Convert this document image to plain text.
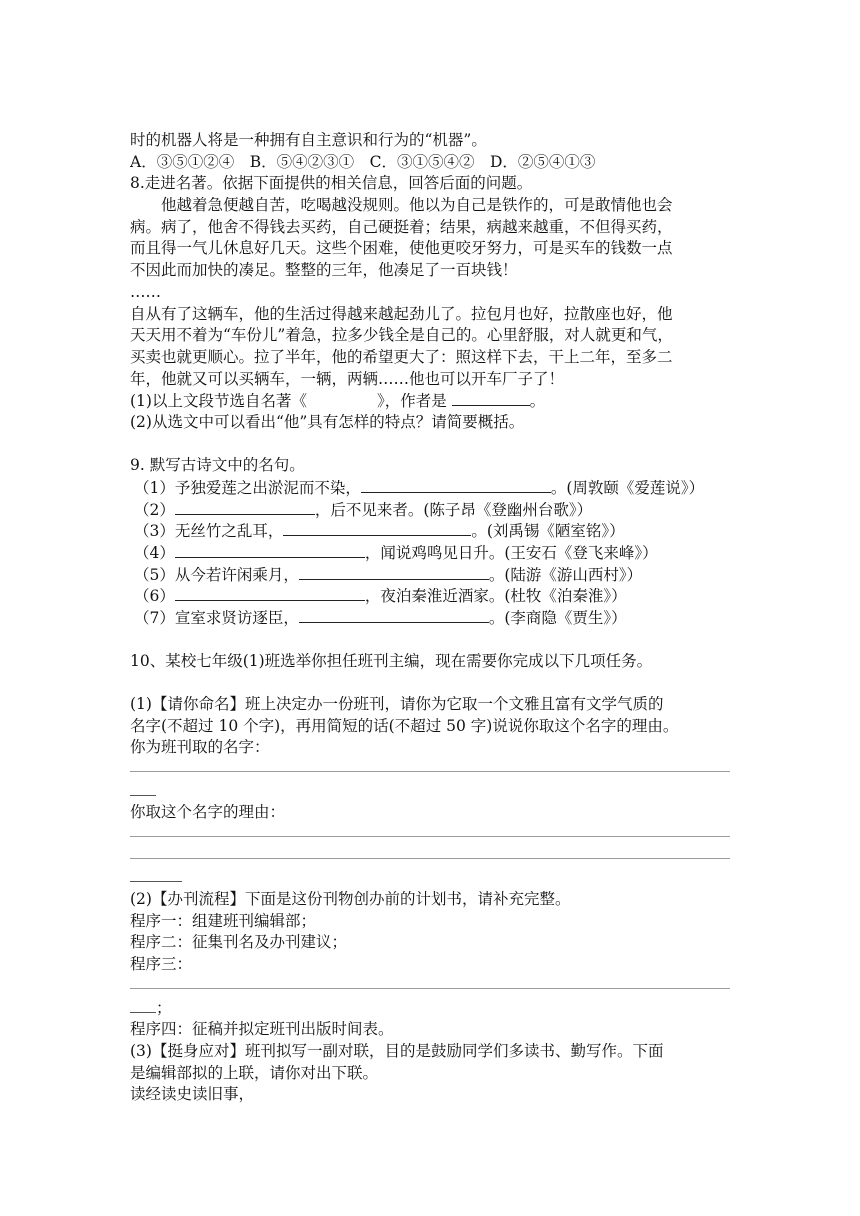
时的机器人将是一种拥有自主意识和行为的“机器”。
A．③⑤①②④　B．⑤④②③①　C．③①⑤④②　D．②⑤④①③
8.走进名著。依据下面提供的相关信息，回答后面的问题。
他越着急便越自苦，吃喝越没规则。他以为自己是铁作的，可是敢情他也会
病。病了，他舍不得钱去买药，自己硬挺着；结果，病越来越重，不但得买药，
而且得一气儿休息好几天。这些个困难，使他更咬牙努力，可是买车的钱数一点
不因此而加快的凑足。整整的三年，他凑足了一百块钱！
……
自从有了这辆车，他的生活过得越来越起劲儿了。拉包月也好，拉散座也好，他
天天用不着为“车份儿”着急，拉多少钱全是自己的。心里舒服，对人就更和气，
买卖也就更顺心。拉了半年，他的希望更大了：照这样下去，干上二年，至多二
年，他就又可以买辆车，一辆，两辆……他也可以开车厂子了！
(1)以上文段节选自名著《	》，作者是	。
(2)从选文中可以看出“他”具有怎样的特点？请简要概括。
9. 默写古诗文中的名句。
（1）予独爱莲之出淤泥而不染，	。(周敦颐《爱莲说》）
（2）	，后不见来者。(陈子昂《登幽州台歌》）
（3）无丝竹之乱耳，	。(刘禹锡《陋室铭》）
（4）	，闻说鸡鸣见日升。(王安石《登飞来峰》）
（5）从今若许闲乘月，	。(陆游《游山西村》）
（6）	，夜泊秦淮近酒家。(杜牧《泊秦淮》）
（7）宣室求贤访逐臣，	。(李商隐《贾生》）
10、某校七年级(1)班选举你担任班刊主编，现在需要你完成以下几项任务。
(1)【请你命名】班上决定办一份班刊，请你为它取一个文雅且富有文学气质的
名字(不超过 10 个字)，再用简短的话(不超过 50 字)说说你取这个名字的理由。
你为班刊取的名字：
你取这个名字的理由：
(2)【办刊流程】下面是这份刊物创办前的计划书，请补充完整。
程序一：组建班刊编辑部；
程序二：征集刊名及办刊建议；
程序三：
；
程序四：征稿并拟定班刊出版时间表。
(3)【挺身应对】班刊拟写一副对联，目的是鼓励同学们多读书、勤写作。下面
是编辑部拟的上联，请你对出下联。
读经读史读旧事，
